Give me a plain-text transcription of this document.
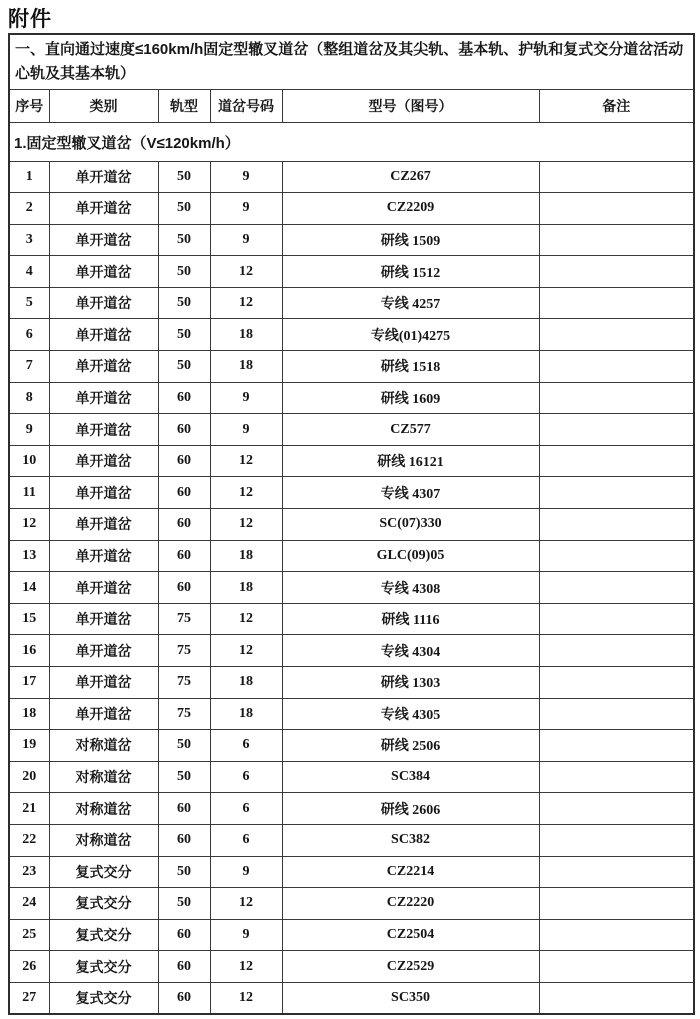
附件
一、直向通过速度≤160km/h固定型辙叉道岔（整组道岔及其尖轨、基本轨、护轨和复式交分道岔活动心轨及其基本轨）					
序号	类别	轨型	道岔号码	型号（图号）	备注
1.固定型辙叉道岔（V≤120km/h）					
1	单开道岔	50	9	CZ267	
2	单开道岔	50	9	CZ2209	
3	单开道岔	50	9	研线 1509	
4	单开道岔	50	12	研线 1512	
5	单开道岔	50	12	专线 4257	
6	单开道岔	50	18	专线(01)4275	
7	单开道岔	50	18	研线 1518	
8	单开道岔	60	9	研线 1609	
9	单开道岔	60	9	CZ577	
10	单开道岔	60	12	研线 16121	
11	单开道岔	60	12	专线 4307	
12	单开道岔	60	12	SC(07)330	
13	单开道岔	60	18	GLC(09)05	
14	单开道岔	60	18	专线 4308	
15	单开道岔	75	12	研线 1116	
16	单开道岔	75	12	专线 4304	
17	单开道岔	75	18	研线 1303	
18	单开道岔	75	18	专线 4305	
19	对称道岔	50	6	研线 2506	
20	对称道岔	50	6	SC384	
21	对称道岔	60	6	研线 2606	
22	对称道岔	60	6	SC382	
23	复式交分	50	9	CZ2214	
24	复式交分	50	12	CZ2220	
25	复式交分	60	9	CZ2504	
26	复式交分	60	12	CZ2529	
27	复式交分	60	12	SC350	
